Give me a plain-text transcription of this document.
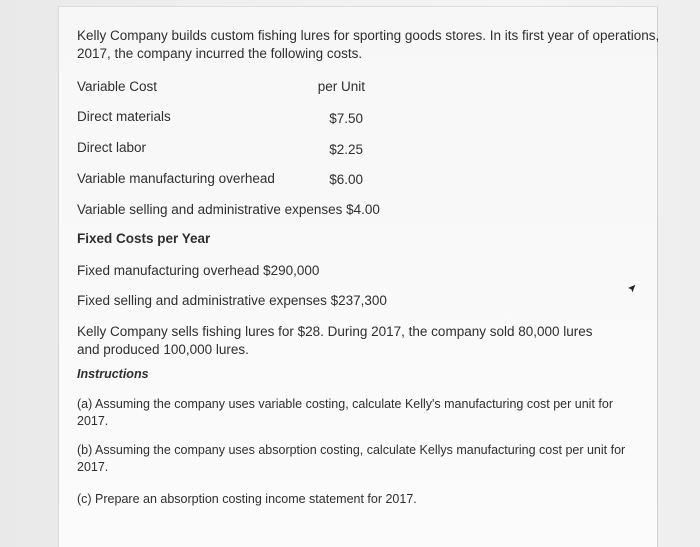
Kelly Company builds custom fishing lures for sporting goods stores. In its first year of operations, 2017, the company incurred the following costs.
Variable Cost	per Unit
Direct materials	$7.50
Direct labor	$2.25
Variable manufacturing overhead	$6.00
Variable selling and administrative expenses $4.00
Fixed Costs per Year
Fixed manufacturing overhead $290,000
Fixed selling and administrative expenses $237,300
Kelly Company sells fishing lures for $28. During 2017, the company sold 80,000 lures and produced 100,000 lures.
Instructions
(a) Assuming the company uses variable costing, calculate Kelly's manufacturing cost per unit for 2017.
(b) Assuming the company uses absorption costing, calculate Kellys manufacturing cost per unit for 2017.
(c) Prepare an absorption costing income statement for 2017.
